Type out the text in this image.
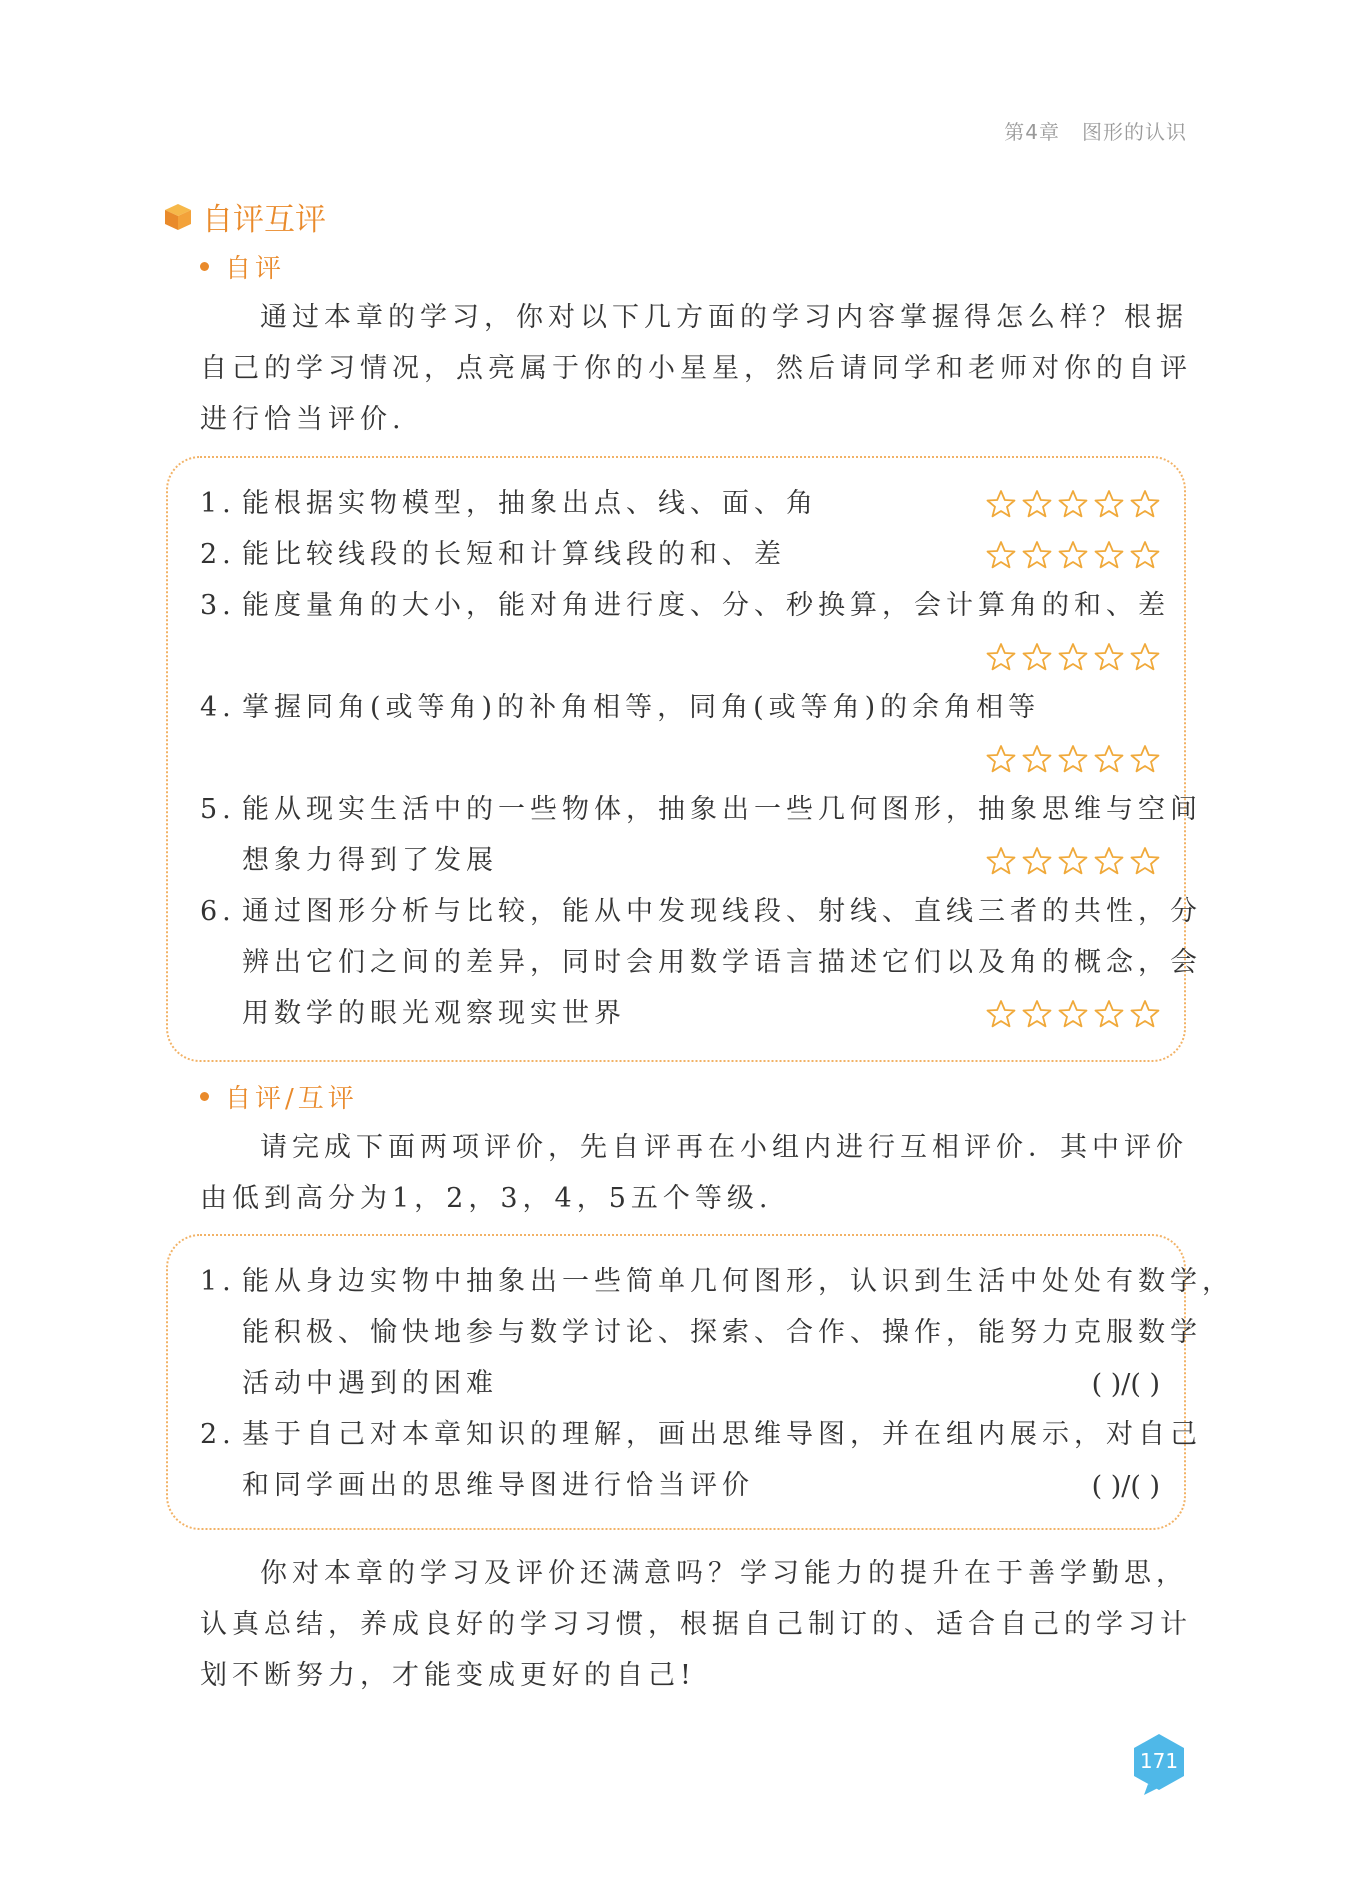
第4章 图形的认识
自评互评
自评
通过本章的学习，你对以下几方面的学习内容掌握得怎么样？根据
自己的学习情况，点亮属于你的小星星，然后请同学和老师对你的自评
进行恰当评价.
1. 能根据实物模型，抽象出点、线、面、角
2. 能比较线段的长短和计算线段的和、差
3. 能度量角的大小，能对角进行度、分、秒换算，会计算角的和、差
4. 掌握同角(或等角)的补角相等，同角(或等角)的余角相等
5. 能从现实生活中的一些物体，抽象出一些几何图形，抽象思维与空间
想象力得到了发展
6. 通过图形分析与比较，能从中发现线段、射线、直线三者的共性，分
辨出它们之间的差异，同时会用数学语言描述它们以及角的概念，会
用数学的眼光观察现实世界
自评/互评
请完成下面两项评价，先自评再在小组内进行互相评价．其中评价
由低到高分为1，2，3，4，5五个等级.
1. 能从身边实物中抽象出一些简单几何图形，认识到生活中处处有数学，
能积极、愉快地参与数学讨论、探索、合作、操作，能努力克服数学
活动中遇到的困难	( )/( )
2. 基于自己对本章知识的理解，画出思维导图，并在组内展示，对自己
和同学画出的思维导图进行恰当评价	( )/( )
你对本章的学习及评价还满意吗？学习能力的提升在于善学勤思，
认真总结，养成良好的学习习惯，根据自己制订的、适合自己的学习计
划不断努力，才能变成更好的自己!
171
